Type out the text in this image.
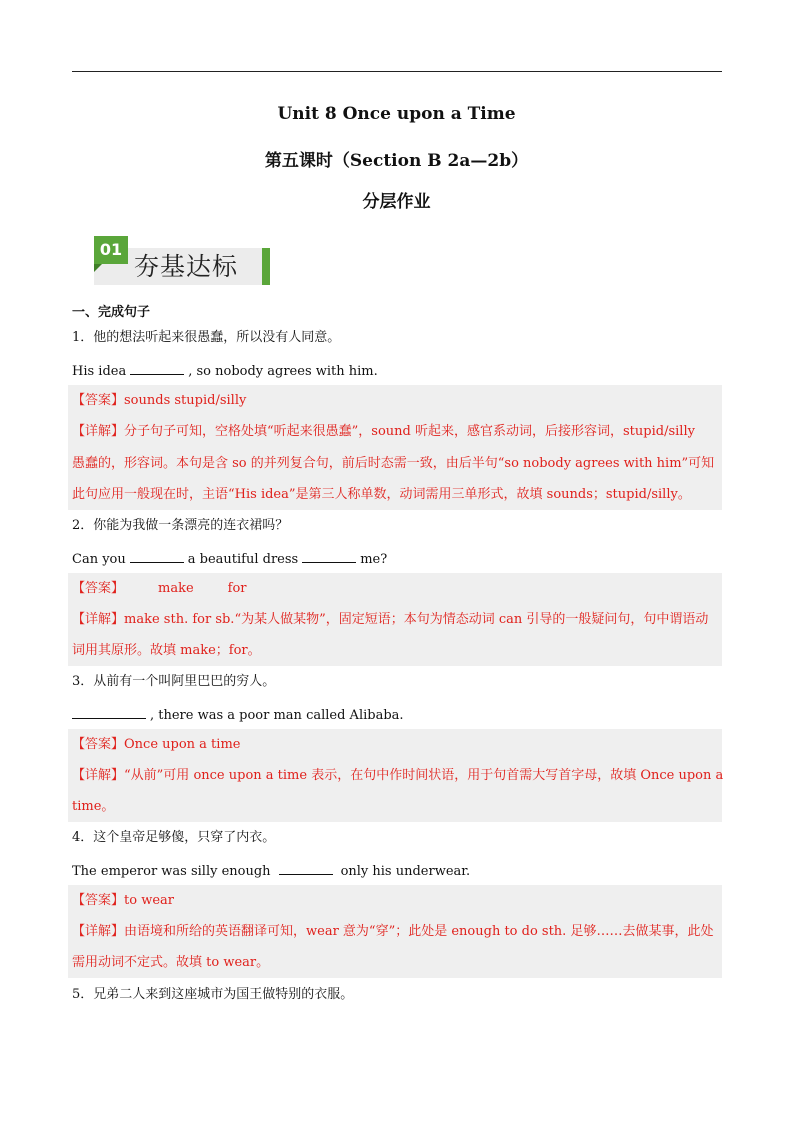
Unit 8 Once upon a Time
第五课时（Section B 2a—2b）
分层作业
01
夯基达标
一、完成句子
1．他的想法听起来很愚蠢，所以没有人同意。
His idea	, so nobody agrees with him.
【答案】sounds stupid/silly
【详解】分子句子可知，空格处填“听起来很愚蠢”，sound 听起来，感官系动词，后接形容词，stupid/silly
愚蠢的，形容词。本句是含 so 的并列复合句，前后时态需一致，由后半句“so nobody agrees with him”可知
此句应用一般现在时，主语“His idea”是第三人称单数，动词需用三单形式，故填 sounds；stupid/silly。
2．你能为我做一条漂亮的连衣裙吗？
Can you	a beautiful dress	me?
【答案】	make	for
【详解】make sth. for sb.“为某人做某物”，固定短语；本句为情态动词 can 引导的一般疑问句，句中谓语动
词用其原形。故填 make；for。
3．从前有一个叫阿里巴巴的穷人。
, there was a poor man called Alibaba.
【答案】Once upon a time
【详解】“从前”可用 once upon a time 表示，在句中作时间状语，用于句首需大写首字母，故填 Once upon a
time。
4．这个皇帝足够傻，只穿了内衣。
The emperor was silly enough	only his underwear.
【答案】to wear
【详解】由语境和所给的英语翻译可知，wear 意为“穿”；此处是 enough to do sth. 足够……去做某事，此处
需用动词不定式。故填 to wear。
5．兄弟二人来到这座城市为国王做特别的衣服。
